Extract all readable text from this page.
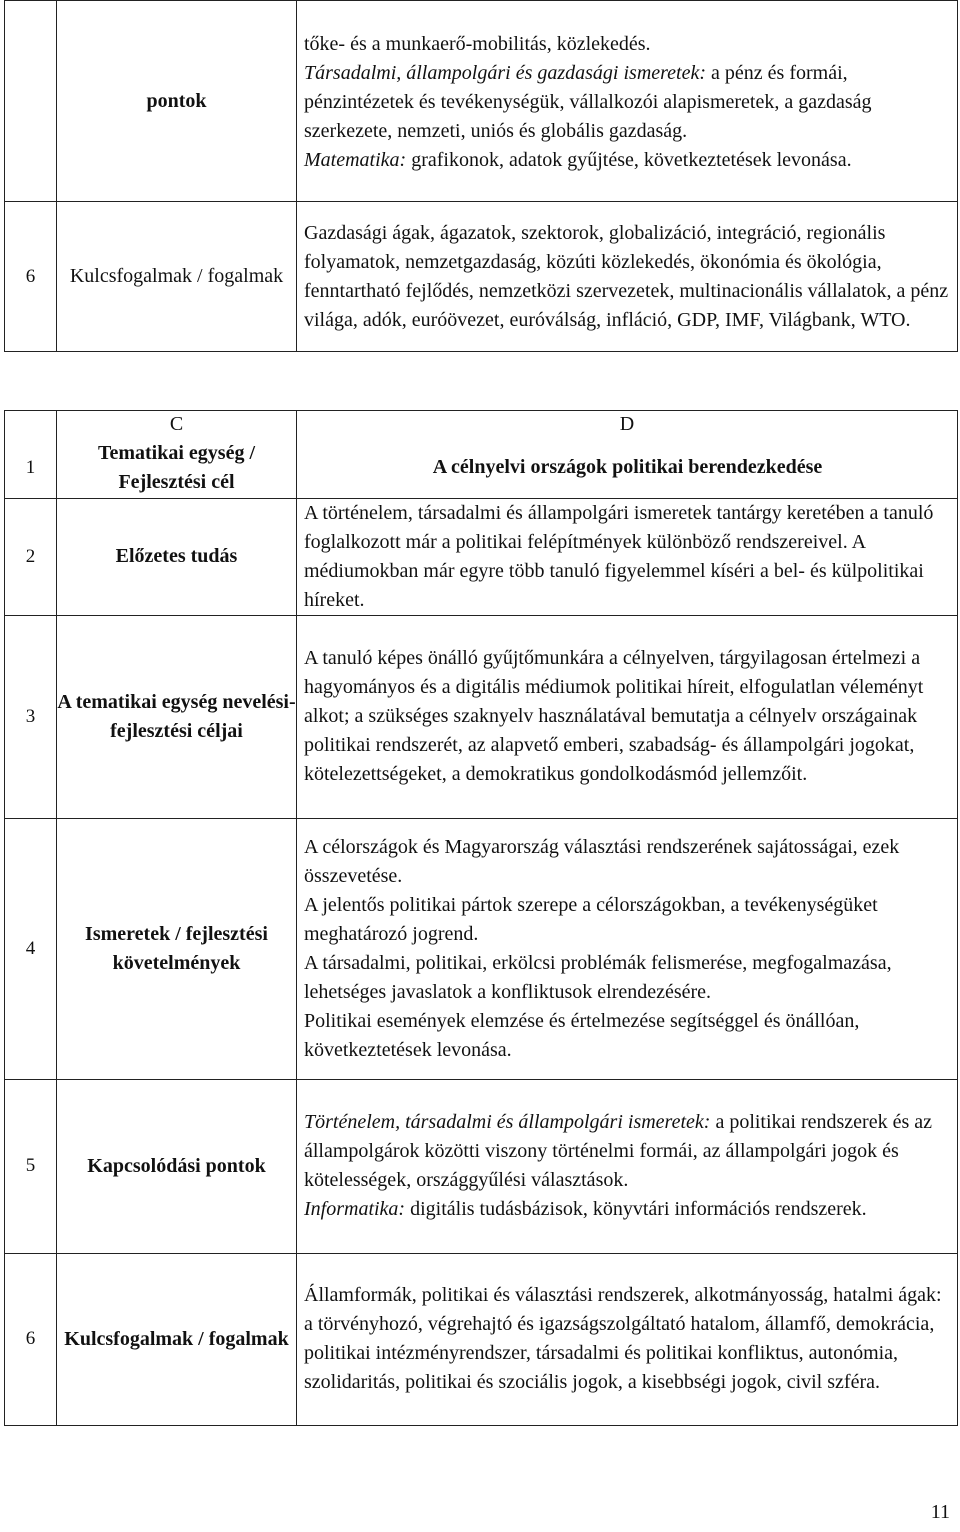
	pontok	tőke- és a munkaerő-mobilitás, közlekedés.
Társadalmi, állampolgári és gazdasági ismeretek: a pénz és formái, pénzintézetek és tevékenységük, vállalkozói alapismeretek, a gazdaság szerkezete, nemzeti, uniós és globális gazdaság.
Matematika: grafikonok, adatok gyűjtése, következtetések levonása.
6	Kulcsfogalmak / fogalmak	Gazdasági ágak, ágazatok, szektorok, globalizáció, integráció, regionális folyamatok, nemzetgazdaság, közúti közlekedés, ökonómia és ökológia, fenntartható fejlődés, nemzetközi szervezetek, multinacionális vállalatok, a pénz világa, adók, euróövezet, euróválság, infláció, GDP, IMF, Világbank, WTO.
	C	D
1	Tematikai egység / Fejlesztési cél	A célnyelvi országok politikai berendezkedése
2	Előzetes tudás	A történelem, társadalmi és állampolgári ismeretek tantárgy keretében a tanuló foglalkozott már a politikai felépítmények különböző rendszereivel. A médiumokban már egyre több tanuló figyelemmel kíséri a bel- és külpolitikai híreket.
3	A tematikai egység nevelési-fejlesztési céljai	A tanuló képes önálló gyűjtőmunkára a célnyelven, tárgyilagosan értelmezi a hagyományos és a digitális médiumok politikai híreit, elfogulatlan véleményt alkot; a szükséges szaknyelv használatával bemutatja a célnyelv országainak politikai rendszerét, az alapvető emberi, szabadság- és állampolgári jogokat, kötelezettségeket, a demokratikus gondolkodásmód jellemzőit.
4	Ismeretek / fejlesztési követelmények	A célországok és Magyarország választási rendszerének sajátosságai, ezek összevetése.
A jelentős politikai pártok szerepe a célországokban, a tevékenységüket meghatározó jogrend.
A társadalmi, politikai, erkölcsi problémák felismerése, megfogalmazása, lehetséges javaslatok a konfliktusok elrendezésére.
Politikai események elemzése és értelmezése segítséggel és önállóan, következtetések levonása.

5	Kapcsolódási pontok	Történelem, társadalmi és állampolgári ismeretek: a politikai rendszerek és az állampolgárok közötti viszony történelmi formái, az állampolgári jogok és kötelességek, országgyűlési választások.
Informatika: digitális tudásbázisok, könyvtári információs rendszerek.
6	Kulcsfogalmak / fogalmak	Államformák, politikai és választási rendszerek, alkotmányosság, hatalmi ágak: a törvényhozó, végrehajtó és igazságszolgáltató hatalom, államfő, demokrácia, politikai intézményrendszer, társadalmi és politikai konfliktus, autonómia, szolidaritás, politikai és szociális jogok, a kisebbségi jogok, civil szféra.
11
